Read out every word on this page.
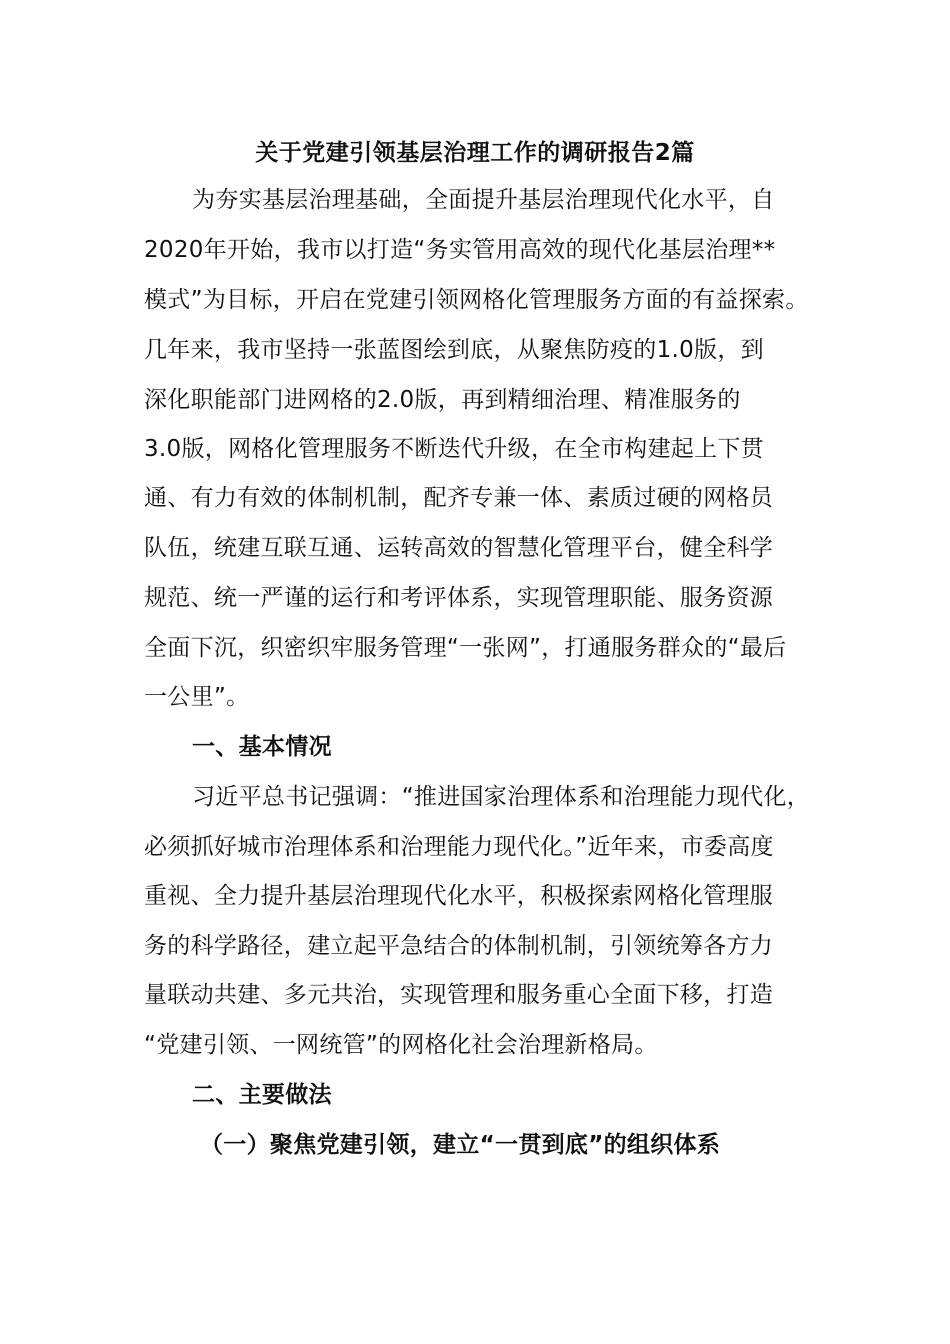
关于党建引领基层治理工作的调研报告2篇
为夯实基层治理基础，全面提升基层治理现代化水平，自
2020年开始，我市以打造“务实管用高效的现代化基层治理**
模式”为目标，开启在党建引领网格化管理服务方面的有益探索。
几年来，我市坚持一张蓝图绘到底，从聚焦防疫的1.0版，到
深化职能部门进网格的2.0版，再到精细治理、精准服务的
3.0版，网格化管理服务不断迭代升级，在全市构建起上下贯
通、有力有效的体制机制，配齐专兼一体、素质过硬的网格员
队伍，统建互联互通、运转高效的智慧化管理平台，健全科学
规范、统一严谨的运行和考评体系，实现管理职能、服务资源
全面下沉，织密织牢服务管理“一张网”，打通服务群众的“最后
一公里”。
一、基本情况
习近平总书记强调：“推进国家治理体系和治理能力现代化，
必须抓好城市治理体系和治理能力现代化。”近年来，市委高度
重视、全力提升基层治理现代化水平，积极探索网格化管理服
务的科学路径，建立起平急结合的体制机制，引领统筹各方力
量联动共建、多元共治，实现管理和服务重心全面下移，打造
“党建引领、一网统管”的网格化社会治理新格局。
二、主要做法
（一）聚焦党建引领，建立“一贯到底”的组织体系
